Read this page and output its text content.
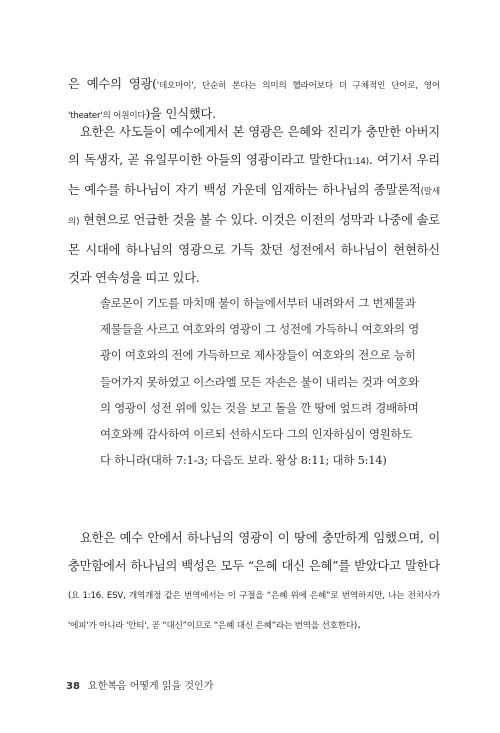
은 예수의 영광('데오마이', 단순히 본다는 의미의 헬라어보다 더 구체적인 단어로, 영어 'theater'의 어원이다)을 인식했다.
요한은 사도들이 예수에게서 본 영광은 은혜와 진리가 충만한 아버지의 독생자, 곧 유일무이한 아들의 영광이라고 말한다(1:14). 여기서 우리는 예수를 하나님이 자기 백성 가운데 임재하는 하나님의 종말론적(말세의) 현현으로 언급한 것을 볼 수 있다. 이것은 이전의 성막과 나중에 솔로몬 시대에 하나님의 영광으로 가득 찼던 성전에서 하나님이 현현하신 것과 연속성을 띠고 있다.
솔로몬이 기도를 마치매 불이 하늘에서부터 내려와서 그 번제물과 제물들을 사르고 여호와의 영광이 그 성전에 가득하니 여호와의 영광이 여호와의 전에 가득하므로 제사장들이 여호와의 전으로 능히 들어가지 못하였고 이스라엘 모든 자손은 불이 내리는 것과 여호와의 영광이 성전 위에 있는 것을 보고 돌을 깐 땅에 엎드려 경배하며 여호와께 감사하여 이르되 선하시도다 그의 인자하심이 영원하도다 하니라(대하 7:1-3; 다음도 보라. 왕상 8:11; 대하 5:14)
요한은 예수 안에서 하나님의 영광이 이 땅에 충만하게 임했으며, 이 충만함에서 하나님의 백성은 모두 “은혜 대신 은혜”를 받았다고 말한다(요 1:16. ESV, 개역개정 같은 번역에서는 이 구절을 “은혜 위에 은혜”로 번역하지만, 나는 전치사가 '에피'가 아니라 '안티', 곧 “대신”이므로 “은혜 대신 은혜”라는 번역을 선호한다).
38 요한복음 어떻게 읽을 것인가
